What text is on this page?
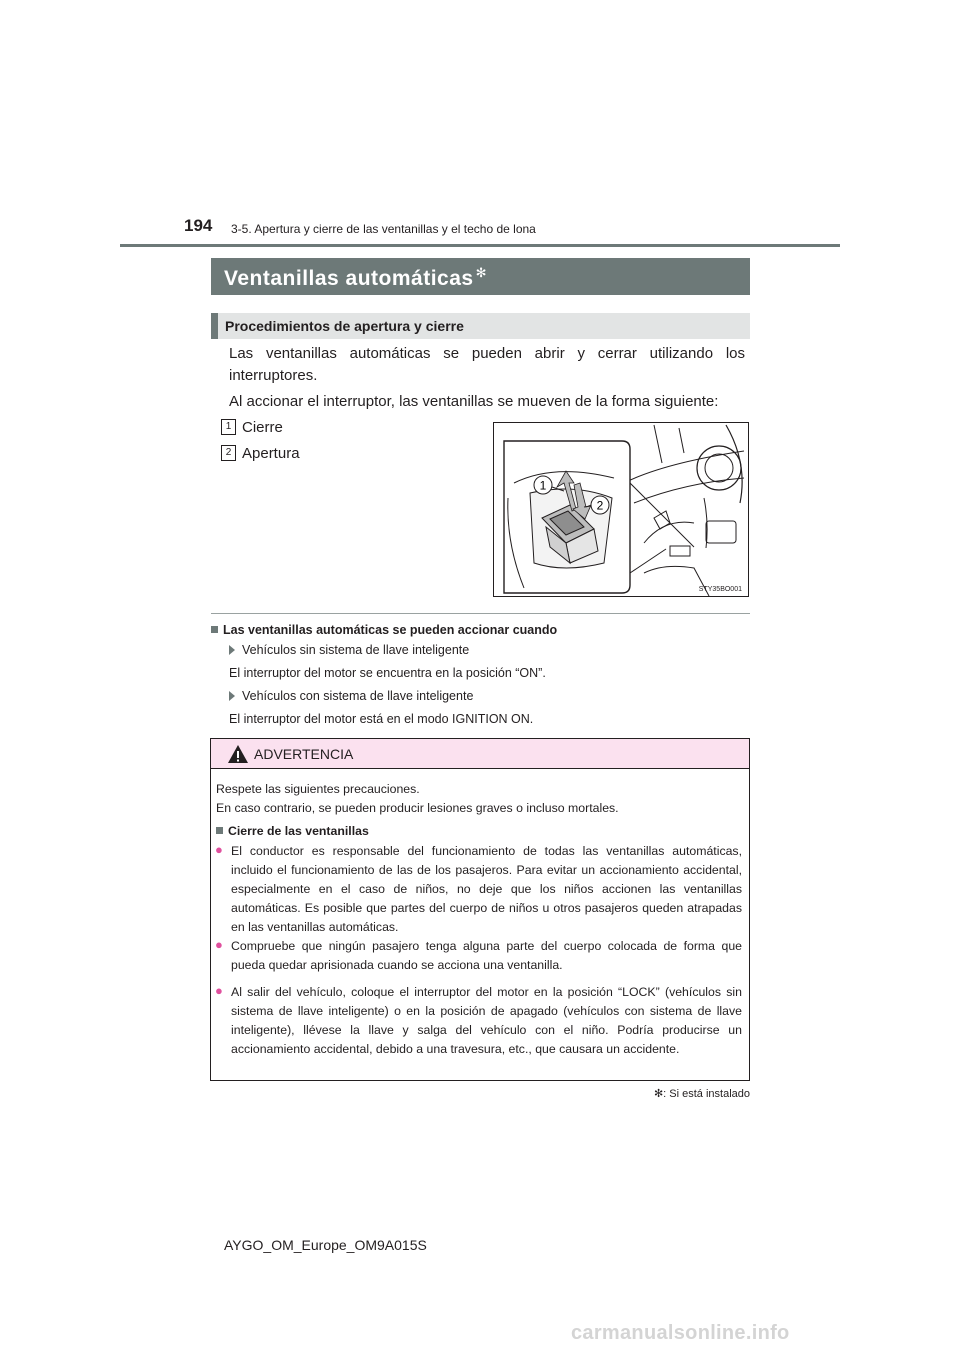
194 3-5. Apertura y cierre de las ventanillas y el techo de lona
Ventanillas automáticas ✻
Procedimientos de apertura y cierre
Las ventanillas automáticas se pueden abrir y cerrar utilizando los interruptores.
Al accionar el interruptor, las ventanillas se mueven de la forma siguiente:
1 Cierre
2 Apertura
1
2
STY35BO001
Las ventanillas automáticas se pueden accionar cuando
Vehículos sin sistema de llave inteligente
El interruptor del motor se encuentra en la posición “ON”.
Vehículos con sistema de llave inteligente
El interruptor del motor está en el modo IGNITION ON.
ADVERTENCIA
Respete las siguientes precauciones.
En caso contrario, se pueden producir lesiones graves o incluso mortales.
Cierre de las ventanillas
● El conductor es responsable del funcionamiento de todas las ventanillas automáticas, incluido el funcionamiento de las de los pasajeros. Para evitar un accionamiento accidental, especialmente en el caso de niños, no deje que los niños accionen las ventanillas automáticas. Es posible que partes del cuerpo de niños u otros pasajeros queden atrapadas en las ventanillas automáticas.
● Compruebe que ningún pasajero tenga alguna parte del cuerpo colocada de forma que pueda quedar aprisionada cuando se acciona una ventanilla.
● Al salir del vehículo, coloque el interruptor del motor en la posición “LOCK” (vehículos sin sistema de llave inteligente) o en la posición de apagado (vehículos con sistema de llave inteligente), llévese la llave y salga del vehículo con el niño. Podría producirse un accionamiento accidental, debido a una travesura, etc., que causara un accidente.
✻: Si está instalado
AYGO_OM_Europe_OM9A015S
carmanualsonline.info
